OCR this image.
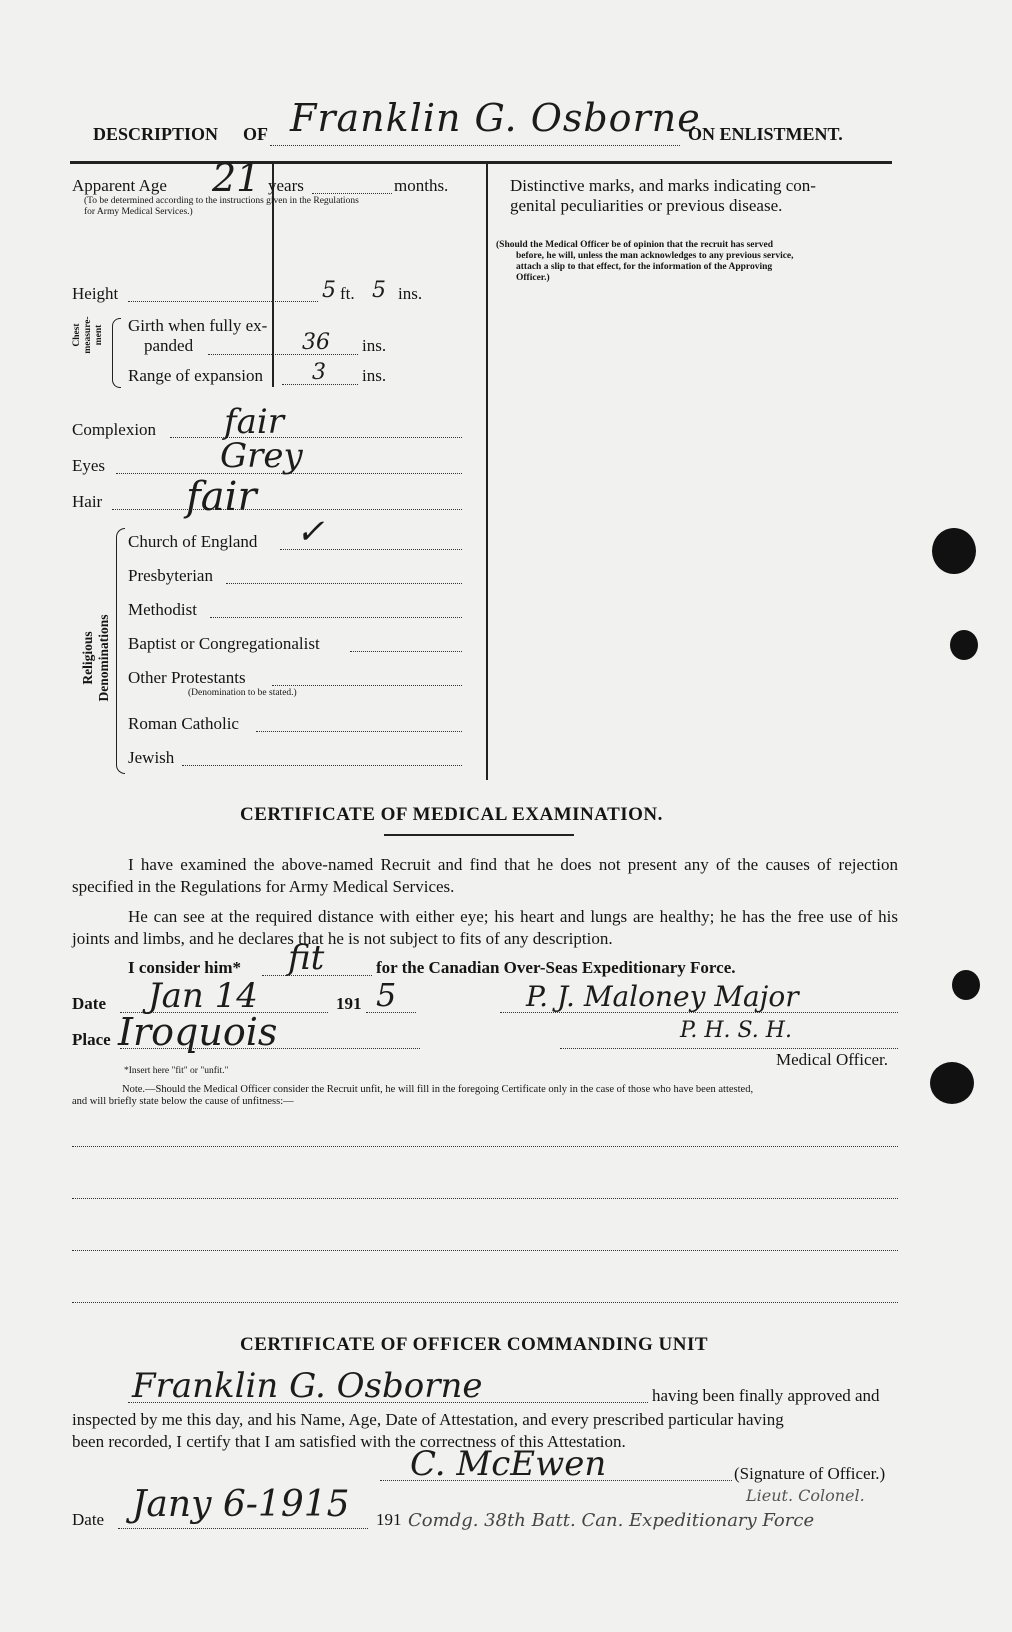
DESCRIPTION OF Franklin G. Osborne
ON ENLISTMENT.
Apparent Age 21 years	months.
(To be determined according to the instructions given in the Regulations
for Army Medical Services.)
Height	5 ft. 5 ins.
Chest measure- ment Girth when fully ex-
panded	36 ins.
Range of expansion 3 ins.
Complexion fair
Eyes	Grey
Hair fair
Religious Denominations
Church of England ✓
Presbyterian
Methodist
Baptist or Congregationalist
Other Protestants
(Denomination to be stated.)
Roman Catholic
Jewish
Distinctive marks, and marks indicating con-
genital peculiarities or previous disease.
(Should the Medical Officer be of opinion that the recruit has served
before, he will, unless the man acknowledges to any previous service,
attach a slip to that effect, for the information of the Approving
Officer.)
CERTIFICATE OF MEDICAL EXAMINATION.
I have examined the above-named Recruit and find that he does not present any of the causes of rejection specified in the Regulations for Army Medical Services.
He can see at the required distance with either eye; his heart and lungs are healthy; he has the free use of his joints and limbs, and he declares that he is not subject to fits of any description.
I consider him* fit	for the Canadian Over-Seas Expeditionary Force.
Date Jan 14	191 5	P. J. Maloney Major
Place Iroquois	P. H. S. H.
Medical Officer.
*Insert here "fit" or "unfit."
Note.—Should the Medical Officer consider the Recruit unfit, he will fill in the foregoing Certificate only in the case of those who have been attested,
and will briefly state below the cause of unfitness:—
CERTIFICATE OF OFFICER COMMANDING UNIT
Franklin G. Osborne	having been finally approved and
inspected by me this day, and his Name, Age, Date of Attestation, and every prescribed particular having
been recorded, I certify that I am satisfied with the correctness of this Attestation.
C. McEwen	(Signature of Officer.)
Lieut. Colonel.
Date Jany 6-1915 191 Comdg. 38th Batt. Can. Expeditionary Force
